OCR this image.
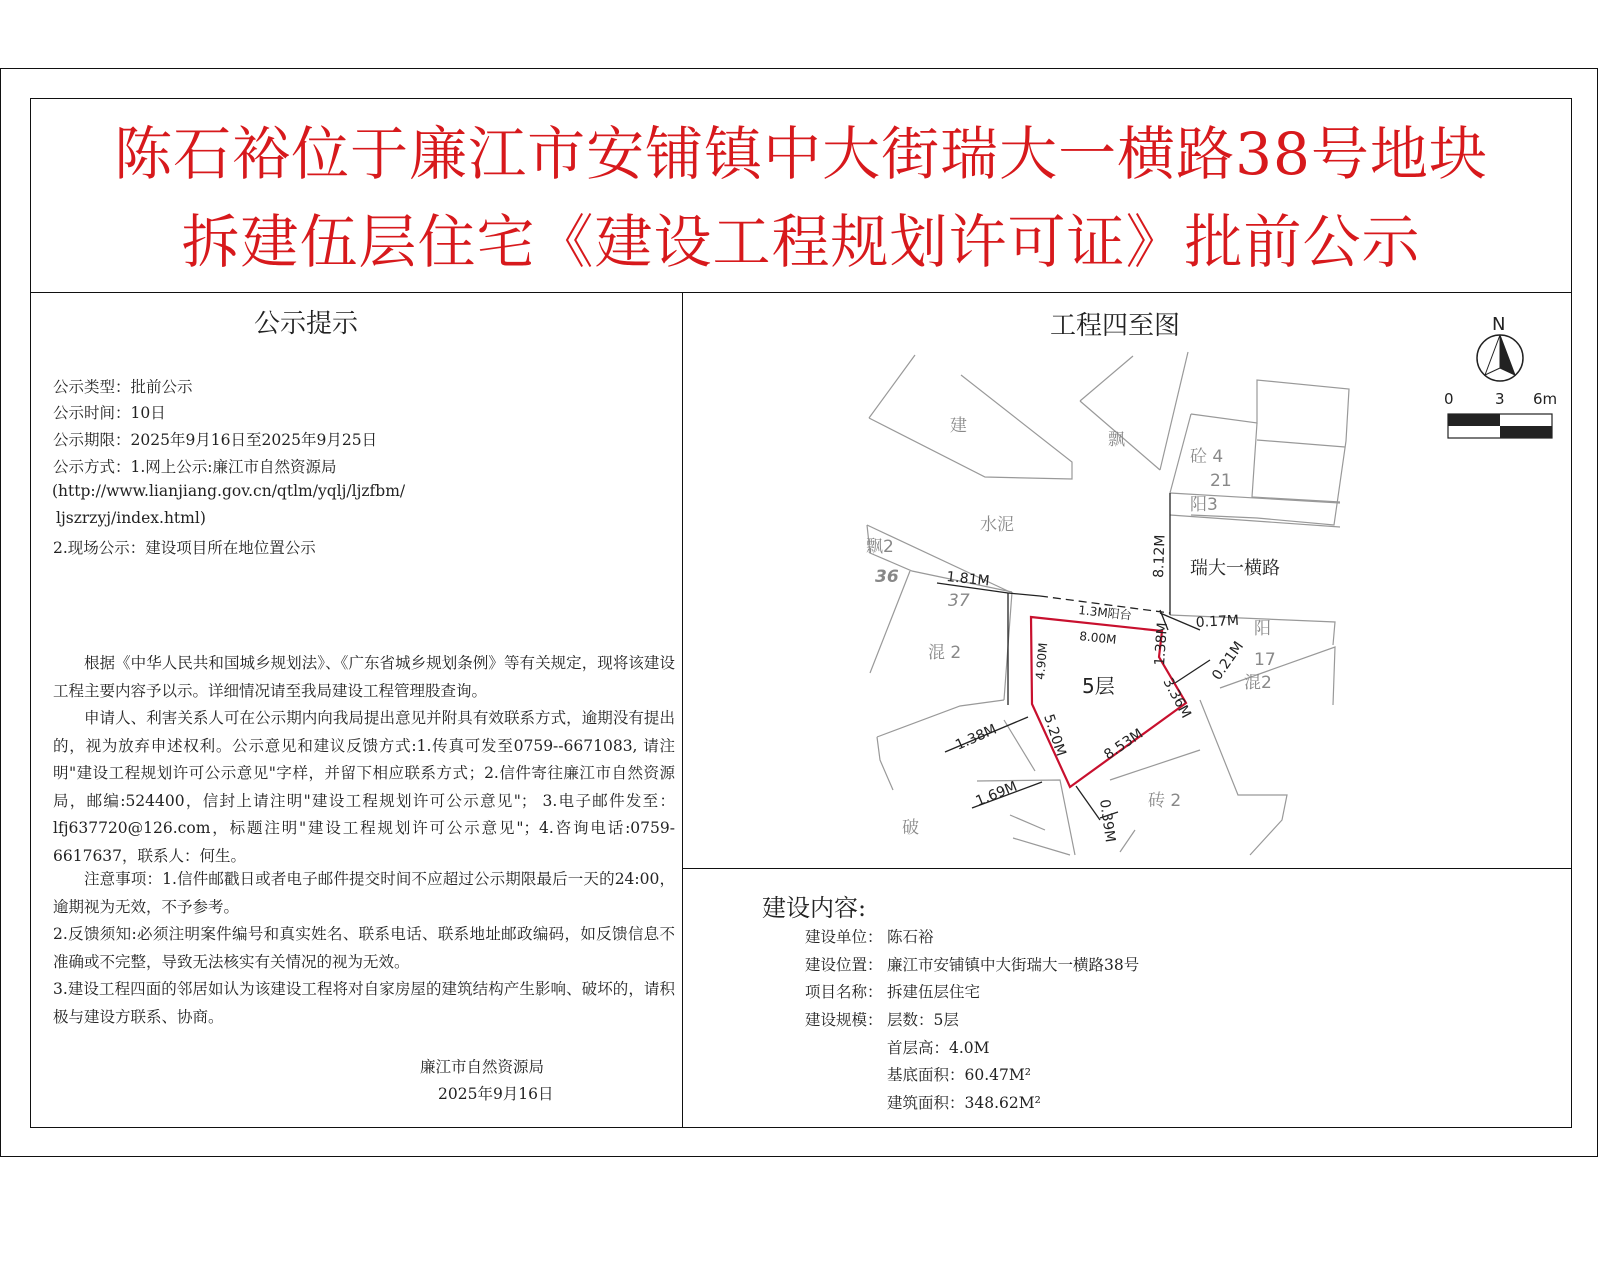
陈石裕位于廉江市安铺镇中大街瑞大一横路38号地块
拆建伍层住宅《建设工程规划许可证》批前公示
公示提示
公示类型：批前公示
公示时间：10日
公示期限：2025年9月16日至2025年9月25日
公示方式：1.网上公示:廉江市自然资源局
(http://www.lianjiang.gov.cn/qtlm/yqlj/ljzfbm/
ljszrzyj/index.html)
2.现场公示：建设项目所在地位置公示
根据《中华人民共和国城乡规划法》、《广东省城乡规划条例》等有关规定，现将该建设工程主要内容予以示。详细情况请至我局建设工程管理股查询。
申请人、利害关系人可在公示期内向我局提出意见并附具有效联系方式，逾期没有提出的，视为放弃申述权利。公示意见和建议反馈方式:1.传真可发至0759--6671083, 请注明"建设工程规划许可公示意见"字样，并留下相应联系方式；2.信件寄往廉江市自然资源局，邮编:524400，信封上请注明"建设工程规划许可公示意见"； 3.电子邮件发至：lfj637720@126.com，标题注明"建设工程规划许可公示意见"；4.咨询电话:0759-6617637，联系人：何生。
注意事项：1.信件邮戳日或者电子邮件提交时间不应超过公示期限最后一天的24:00，逾期视为无效，不予参考。
2.反馈须知:必须注明案件编号和真实姓名、联系电话、联系地址邮政编码，如反馈信息不准确或不完整，导致无法核实有关情况的视为无效。
3.建设工程四面的邻居如认为该建设工程将对自家房屋的建筑结构产生影响、破坏的，请积极与建设方联系、协商。
廉江市自然资源局
2025年9月16日
工程四至图	N
0	3 6m
建
飘
砼 4
21
阳3
水泥
飘2
36
37
阳
17
混2
混 2
砖 2
破
瑞大一横路
5层
8.12M
1.81M
1.3M阳台	0.17M
8.00M	1.38M	0.21M
4.90M
3.36M
5.20M 8.53M
1.38M
1.69M
0.39M
建设内容:
建设单位： 陈石裕
建设位置： 廉江市安铺镇中大街瑞大一横路38号
项目名称： 拆建伍层住宅
建设规模： 层数：5层
首层高：4.0M
基底面积：60.47M²
建筑面积：348.62M²
